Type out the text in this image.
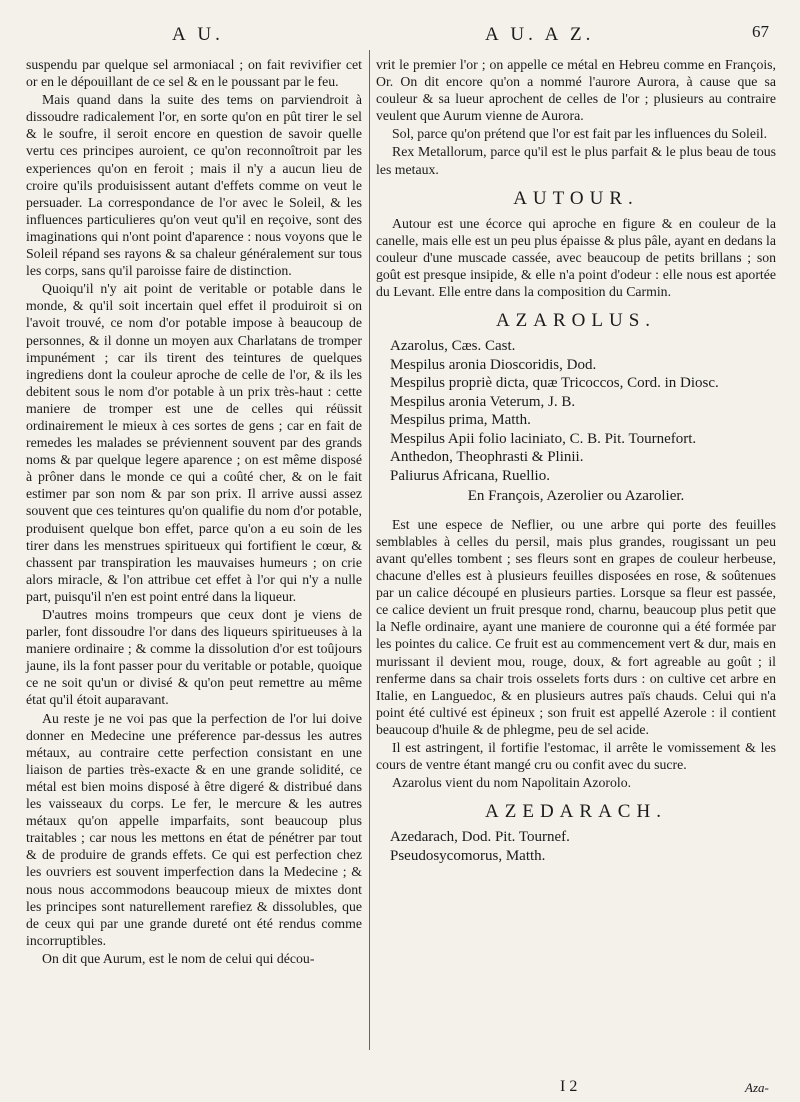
A U.	A U. A Z.	67

suspendu par quelque sel armoniacal ; on fait revivifier cet or en le dépouillant de ce sel & en le poussant par le feu.

Mais quand dans la suite des tems on parviendroit à dissoudre radicalement l'or, en sorte qu'on en pût tirer le sel & le soufre, il seroit encore en question de savoir quelle vertu ces principes auroient, ce qu'on reconnoîtroit par les experiences qu'on en feroit ; mais il n'y a aucun lieu de croire qu'ils produisissent autant d'effets comme on veut le persuader. La correspondance de l'or avec le Soleil, & les influences particulieres qu'on veut qu'il en reçoive, sont des imaginations qui n'ont point d'aparence : nous voyons que le Soleil répand ses rayons & sa chaleur généralement sur tous les corps, sans qu'il paroisse faire de distinction.

Quoiqu'il n'y ait point de veritable or potable dans le monde, & qu'il soit incertain quel effet il produiroit si on l'avoit trouvé, ce nom d'or potable impose à beaucoup de personnes, & il donne un moyen aux Charlatans de tromper impunément ; car ils tirent des teintures de quelques ingrediens dont la couleur aproche de celle de l'or, & ils les debitent sous le nom d'or potable à un prix très-haut : cette maniere de tromper est une de celles qui réüssit ordinairement le mieux à ces sortes de gens ; car en fait de remedes les malades se préviennent souvent par des grands noms & par quelque legere aparence ; on est même disposé à prôner dans le monde ce qui a coûté cher, & on le fait estimer par son nom & par son prix. Il arrive aussi assez souvent que ces teintures qu'on qualifie du nom d'or potable, produisent quelque bon effet, parce qu'on a eu soin de les tirer dans les menstrues spiritueux qui fortifient le cœur, & chassent par transpiration les mauvaises humeurs ; on crie alors miracle, & l'on attribue cet effet à l'or qui n'y a nulle part, puisqu'il n'en est point entré dans la liqueur.

D'autres moins trompeurs que ceux dont je viens de parler, font dissoudre l'or dans des liqueurs spiritueuses à la maniere ordinaire ; & comme la dissolution d'or est toûjours jaune, ils la font passer pour du veritable or potable, quoique ce ne soit qu'un or divisé & qu'on peut remettre au même état qu'il étoit auparavant.

Au reste je ne voi pas que la perfection de l'or lui doive donner en Medecine une préference par-dessus les autres métaux, au contraire cette perfection consistant en une liaison de parties très-exacte & en une grande solidité, ce métal est bien moins disposé à être digeré & distribué dans les vaisseaux du corps. Le fer, le mercure & les autres métaux qu'on appelle imparfaits, sont beaucoup plus traitables ; car nous les mettons en état de pénétrer par tout & de produire de grands effets. Ce qui est perfection chez les ouvriers est souvent imperfection dans la Medecine ; & nous nous accommodons beaucoup mieux de mixtes dont les principes sont naturellement rarefiez & dissolubles, que de ceux qui par une grande dureté ont été rendus comme incorruptibles.

On dit que Aurum, est le nom de celui qui décou-

vrit le premier l'or ; on appelle ce métal en Hebreu comme en François, Or. On dit encore qu'on a nommé l'aurore Aurora, à cause que sa couleur & sa lueur aprochent de celles de l'or ; plusieurs au contraire veulent que Aurum vienne de Aurora.

Sol, parce qu'on prétend que l'or est fait par les influences du Soleil.

Rex Metallorum, parce qu'il est le plus parfait & le plus beau de tous les metaux.

AUTOUR.

Autour est une écorce qui aproche en figure & en couleur de la canelle, mais elle est un peu plus épaisse & plus pâle, ayant en dedans la couleur d'une muscade cassée, avec beaucoup de petits brillans ; son goût est presque insipide, & elle n'a point d'odeur : elle nous est aportée du Levant. Elle entre dans la composition du Carmin.

AZAROLUS.

Azarolus, Cæs. Cast.

Mespilus aronia Dioscoridis, Dod.

Mespilus propriè dicta, quæ Tricoccos, Cord. in Diosc.

Mespilus aronia Veterum, J. B.

Mespilus prima, Matth.

Mespilus Apii folio laciniato, C. B. Pit. Tournefort.

Anthedon, Theophrasti & Plinii.

Paliurus Africana, Ruellio.

En François, Azerolier ou Azarolier.

Est une espece de Neflier, ou une arbre qui porte des feuilles semblables à celles du persil, mais plus grandes, rougissant un peu avant qu'elles tombent ; ses fleurs sont en grapes de couleur herbeuse, chacune d'elles est à plusieurs feuilles disposées en rose, & soûtenues par un calice découpé en plusieurs parties. Lorsque sa fleur est passée, ce calice devient un fruit presque rond, charnu, beaucoup plus petit que la Nefle ordinaire, ayant une maniere de couronne qui a été formée par les pointes du calice. Ce fruit est au commencement vert & dur, mais en murissant il devient mou, rouge, doux, & fort agreable au goût ; il renferme dans sa chair trois osselets forts durs : on cultive cet arbre en Italie, en Languedoc, & en plusieurs autres païs chauds. Celui qui n'a point été cultivé est épineux ; son fruit est appellé Azerole : il contient beaucoup d'huile & de phlegme, peu de sel acide.

Il est astringent, il fortifie l'estomac, il arrête le vomissement & les cours de ventre étant mangé cru ou confit avec du sucre.

Azarolus vient du nom Napolitain Azorolo.

AZEDARACH.

Azedarach, Dod. Pit. Tournef.

Pseudosycomorus, Matth.

I 2	Aza-
